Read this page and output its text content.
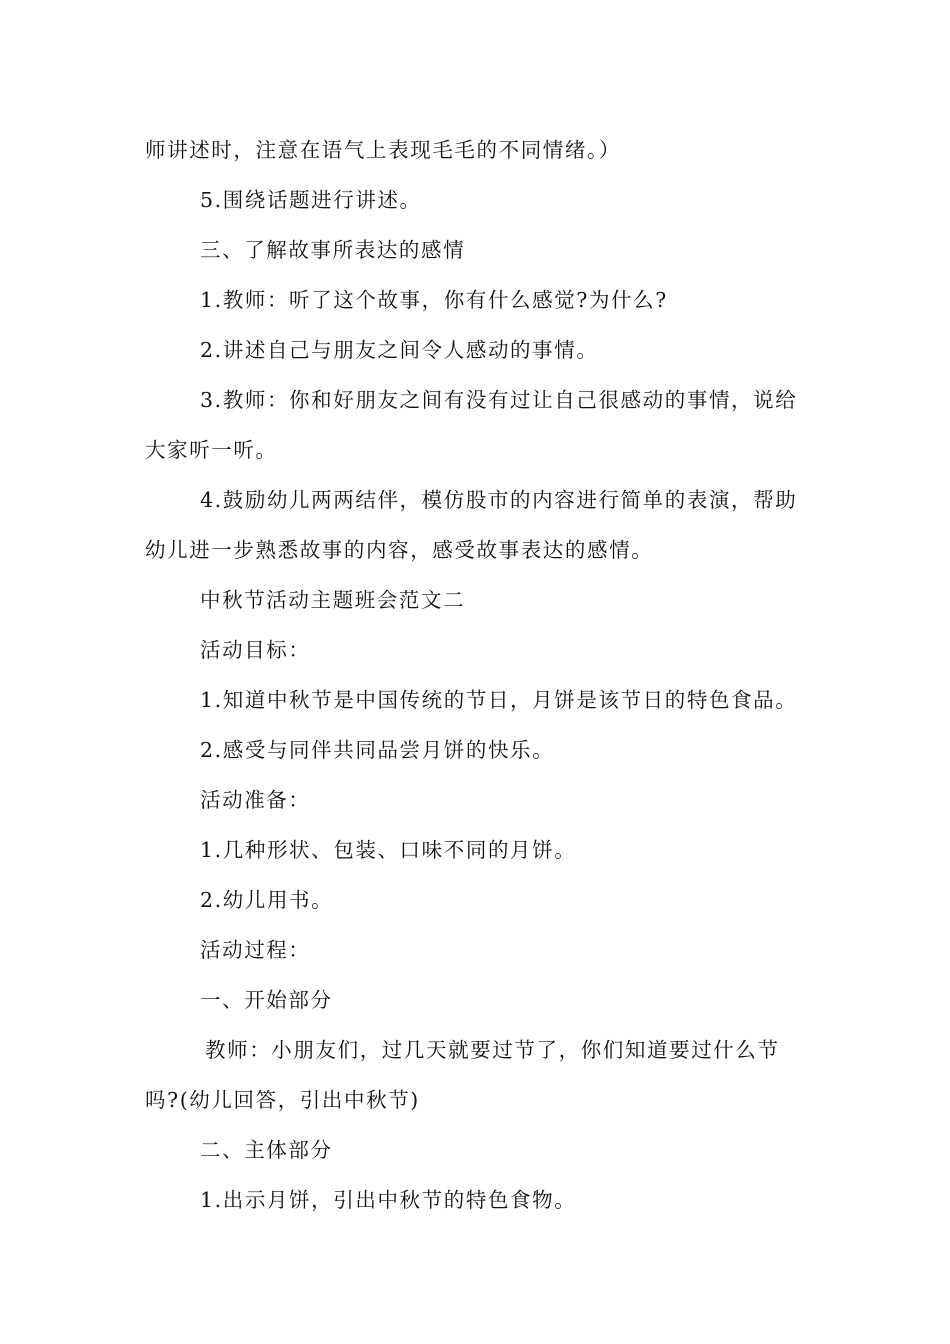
师讲述时，注意在语气上表现毛毛的不同情绪。）
5.围绕话题进行讲述。
三、了解故事所表达的感情
1.教师：听了这个故事，你有什么感觉?为什么?
2.讲述自己与朋友之间令人感动的事情。
3.教师：你和好朋友之间有没有过让自己很感动的事情，说给
大家听一听。
4.鼓励幼儿两两结伴，模仿股市的内容进行简单的表演，帮助
幼儿进一步熟悉故事的内容，感受故事表达的感情。
中秋节活动主题班会范文二
活动目标：
1.知道中秋节是中国传统的节日，月饼是该节日的特色食品。
2.感受与同伴共同品尝月饼的快乐。
活动准备：
1.几种形状、包装、口味不同的月饼。
2.幼儿用书。
活动过程：
一、开始部分
教师：小朋友们，过几天就要过节了，你们知道要过什么节
吗?(幼儿回答，引出中秋节)
二、主体部分
1.出示月饼，引出中秋节的特色食物。
